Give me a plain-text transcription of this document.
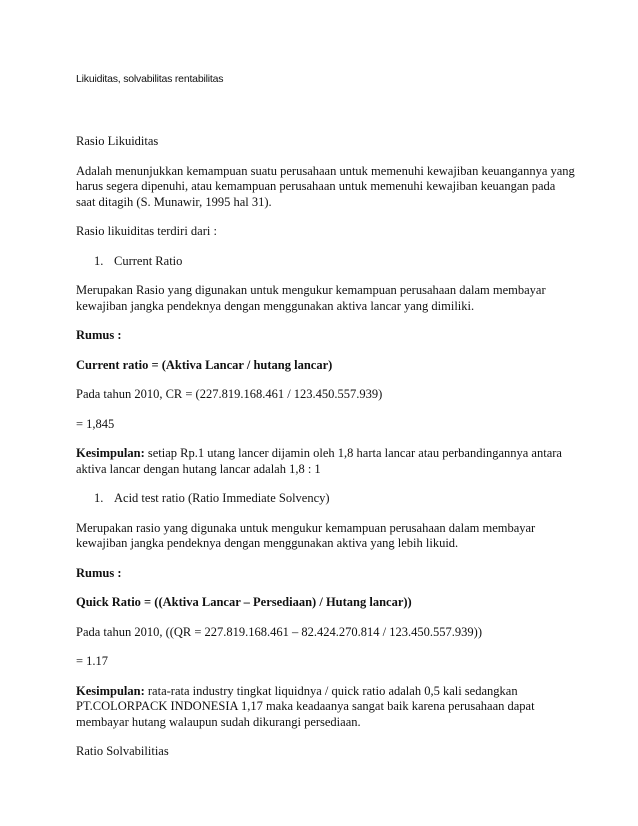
Likuiditas, solvabilitas rentabilitas
Rasio Likuiditas
Adalah menunjukkan kemampuan suatu perusahaan untuk memenuhi kewajiban keuangannya yang harus segera dipenuhi, atau kemampuan perusahaan untuk memenuhi kewajiban keuangan pada saat ditagih (S. Munawir, 1995 hal 31).
Rasio likuiditas terdiri dari :
1. Current Ratio
Merupakan Rasio yang digunakan untuk mengukur kemampuan perusahaan dalam membayar kewajiban jangka pendeknya dengan menggunakan aktiva lancar yang dimiliki.
Rumus :
Current ratio = (Aktiva Lancar / hutang lancar)
Pada tahun 2010, CR = (227.819.168.461 / 123.450.557.939)
= 1,845
Kesimpulan: setiap Rp.1 utang lancer dijamin oleh 1,8 harta lancar atau perbandingannya antara aktiva lancar dengan hutang lancar adalah 1,8 : 1
1. Acid test ratio (Ratio Immediate Solvency)
Merupakan rasio yang digunaka untuk mengukur kemampuan perusahaan dalam membayar kewajiban jangka pendeknya dengan menggunakan aktiva yang lebih likuid.
Rumus :
Quick Ratio = ((Aktiva Lancar – Persediaan) / Hutang lancar))
Pada tahun 2010, ((QR = 227.819.168.461 – 82.424.270.814 / 123.450.557.939))
= 1.17
Kesimpulan: rata-rata industry tingkat liquidnya / quick ratio adalah 0,5 kali sedangkan PT.COLORPACK INDONESIA 1,17 maka keadaanya sangat baik karena perusahaan dapat membayar hutang walaupun sudah dikurangi persediaan.
Ratio Solvabilitias
